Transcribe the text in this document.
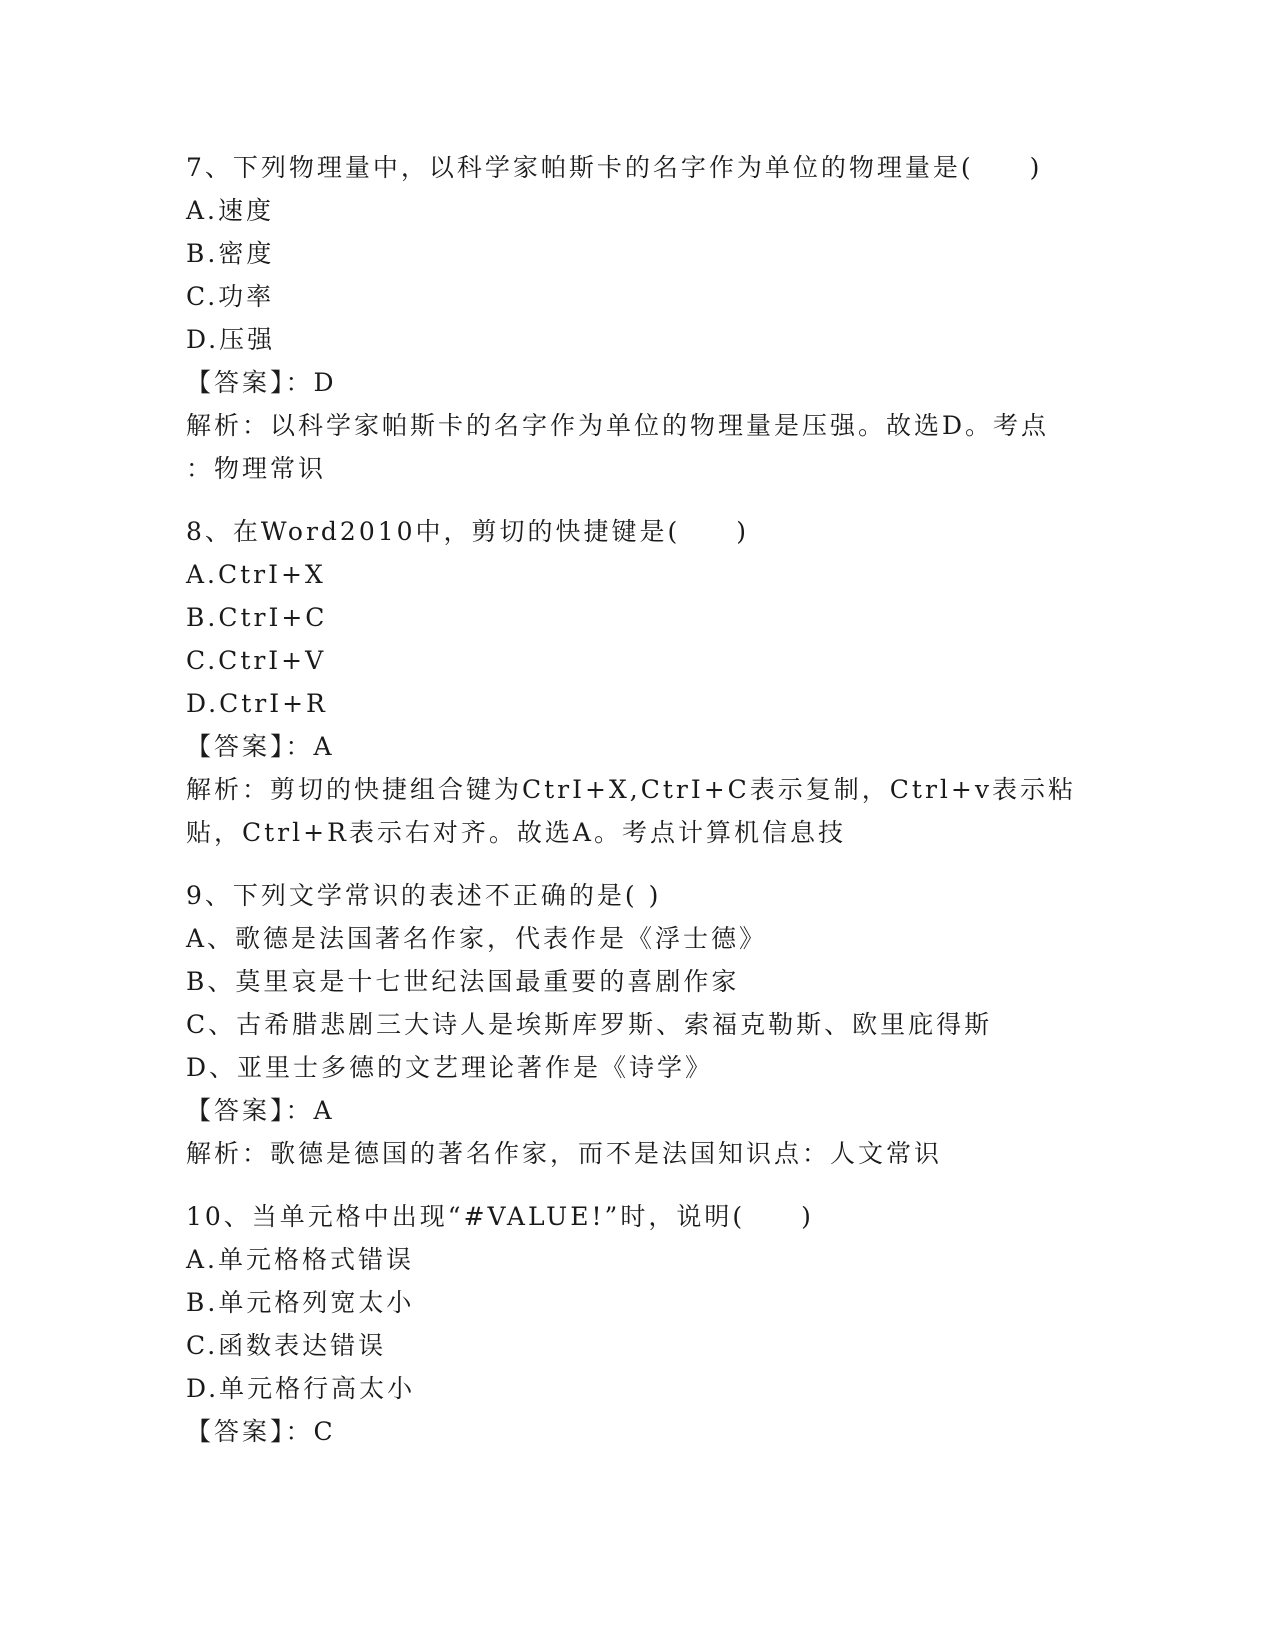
7、下列物理量中，以科学家帕斯卡的名字作为单位的物理量是(　　)
A.速度
B.密度
C.功率
D.压强
【答案】：D
解析：以科学家帕斯卡的名字作为单位的物理量是压强。故选D。考点
：物理常识
8、在Word2010中，剪切的快捷键是(　　)
A.CtrI+X
B.CtrI+C
C.CtrI+V
D.CtrI+R
【答案】：A
解析：剪切的快捷组合键为CtrI+X,CtrI+C表示复制，Ctrl+v表示粘
贴，Ctrl+R表示右对齐。故选A。考点计算机信息技
9、下列文学常识的表述不正确的是( )
A、歌德是法国著名作家，代表作是《浮士德》
B、莫里哀是十七世纪法国最重要的喜剧作家
C、古希腊悲剧三大诗人是埃斯库罗斯、索福克勒斯、欧里庇得斯
D、亚里士多德的文艺理论著作是《诗学》
【答案】：A
解析：歌德是德国的著名作家，而不是法国知识点：人文常识
10、当单元格中出现“#VALUE!”时，说明(　　)
A.单元格格式错误
B.单元格列宽太小
C.函数表达错误
D.单元格行高太小
【答案】：C
